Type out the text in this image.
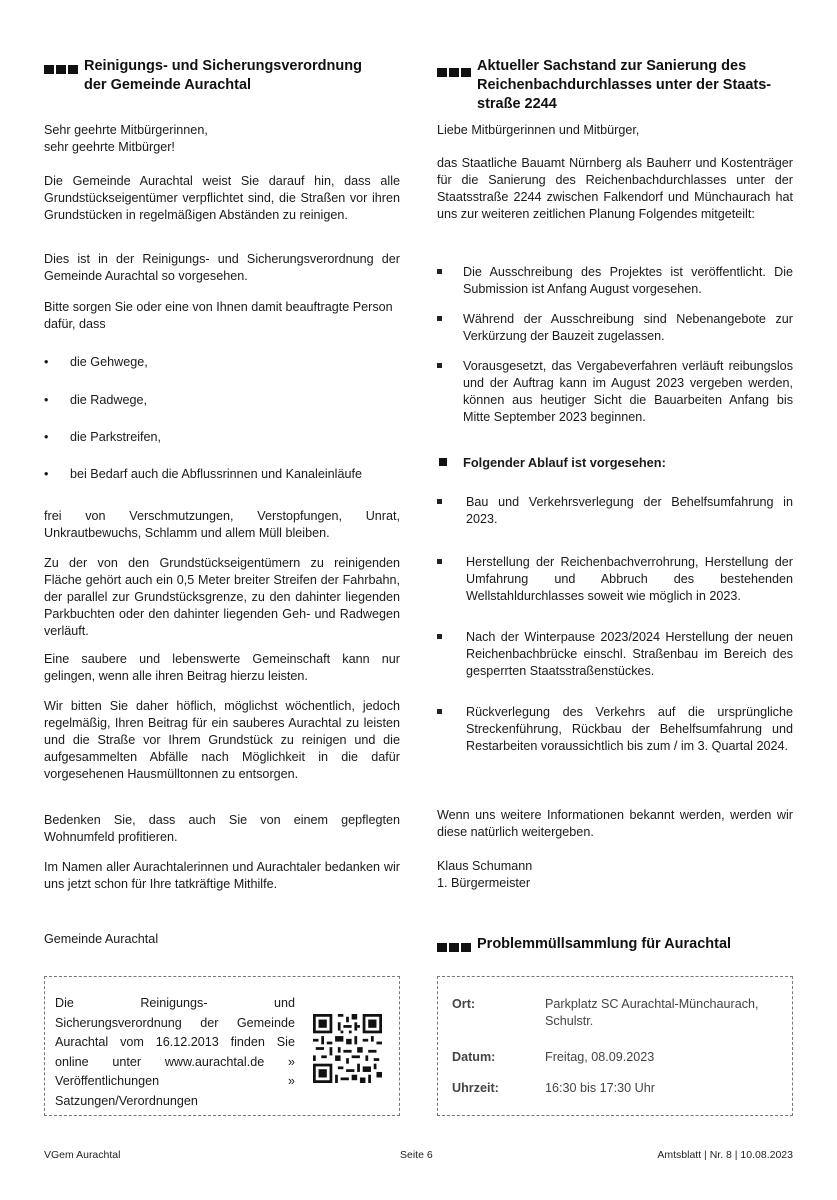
Reinigungs- und Sicherungsverordnung
der Gemeinde Aurachtal

Sehr geehrte Mitbürgerinnen,

sehr geehrte Mitbürger!

Die Gemeinde Aurachtal weist Sie darauf hin, dass alle Grundstückseigentümer verpflichtet sind, die Straßen vor ihren Grundstücken in regelmäßigen Abständen zu reinigen.

Dies ist in der Reinigungs- und Sicherungsverordnung der Gemeinde Aurachtal so vorgesehen.

Bitte sorgen Sie oder eine von Ihnen damit beauftragte Person dafür, dass

•	die Gehwege,
•	die Radwege,
•	die Parkstreifen,
•	bei Bedarf auch die Abflussrinnen und Kanaleinläufe

frei von Verschmutzungen, Verstopfungen, Unrat, Unkrautbewuchs, Schlamm und allem Müll bleiben.

Zu der von den Grundstückseigentümern zu reinigenden Fläche gehört auch ein 0,5 Meter breiter Streifen der Fahrbahn, der parallel zur Grundstücksgrenze, zu den dahinter liegenden Parkbuchten oder den dahinter liegenden Geh- und Radwegen verläuft.

Eine saubere und lebenswerte Gemeinschaft kann nur gelingen, wenn alle ihren Beitrag hierzu leisten.

Wir bitten Sie daher höflich, möglichst wöchentlich, jedoch regelmäßig, Ihren Beitrag für ein sauberes Aurachtal zu leisten und die Straße vor Ihrem Grundstück zu reinigen und die aufgesammelten Abfälle nach Möglichkeit in die dafür vorgesehenen Hausmülltonnen zu entsorgen.

Bedenken Sie, dass auch Sie von einem gepflegten Wohnumfeld profitieren.

Im Namen aller Aurachtalerinnen und Aurachtaler bedanken wir uns jetzt schon für Ihre tatkräftige Mithilfe.

Gemeinde Aurachtal

Die Reinigungs- und Sicherungsverordnung der Gemeinde Aurachtal vom 16.12.2013 finden Sie online unter www.aurachtal.de » Veröffentlichungen » Satzungen/Verordnungen

Aktueller Sachstand zur Sanierung des
Reichenbachdurchlasses unter der Staats-
straße 2244

Liebe Mitbürgerinnen und Mitbürger,

das Staatliche Bauamt Nürnberg als Bauherr und Kostenträger für die Sanierung des Reichenbachdurchlasses unter der Staatsstraße 2244 zwischen Falkendorf und Münchaurach hat uns zur weiteren zeitlichen Planung Folgendes mitgeteilt:

Die Ausschreibung des Projektes ist veröffentlicht. Die Submission ist Anfang August vorgesehen.
Während der Ausschreibung sind Nebenangebote zur Verkürzung der Bauzeit zugelassen.
Vorausgesetzt, das Vergabeverfahren verläuft reibungslos und der Auftrag kann im August 2023 vergeben werden, können aus heutiger Sicht die Bauarbeiten Anfang bis Mitte September 2023 beginnen.
Folgender Ablauf ist vorgesehen:
Bau und Verkehrsverlegung der Behelfsumfahrung in 2023.
Herstellung der Reichenbachverrohrung, Herstellung der Umfahrung und Abbruch des bestehenden Wellstahldurchlasses soweit wie möglich in 2023.
Nach der Winterpause 2023/2024 Herstellung der neuen Reichenbachbrücke einschl. Straßenbau im Bereich des gesperrten Staatsstraßenstückes.
Rückverlegung des Verkehrs auf die ursprüngliche Streckenführung, Rückbau der Behelfsumfahrung und Restarbeiten voraussichtlich bis zum / im 3. Quartal 2024.

Wenn uns weitere Informationen bekannt werden, werden wir diese natürlich weitergeben.

Klaus Schumann

1. Bürgermeister

Problemmüllsammlung für Aurachtal
Ort:	Parkplatz SC Aurachtal-Münchaurach, Schulstr.
Datum:	Freitag, 08.09.2023
Uhrzeit:	16:30 bis 17:30 Uhr
VGem Aurachtal	Seite 6	Amtsblatt | Nr. 8 | 10.08.2023
